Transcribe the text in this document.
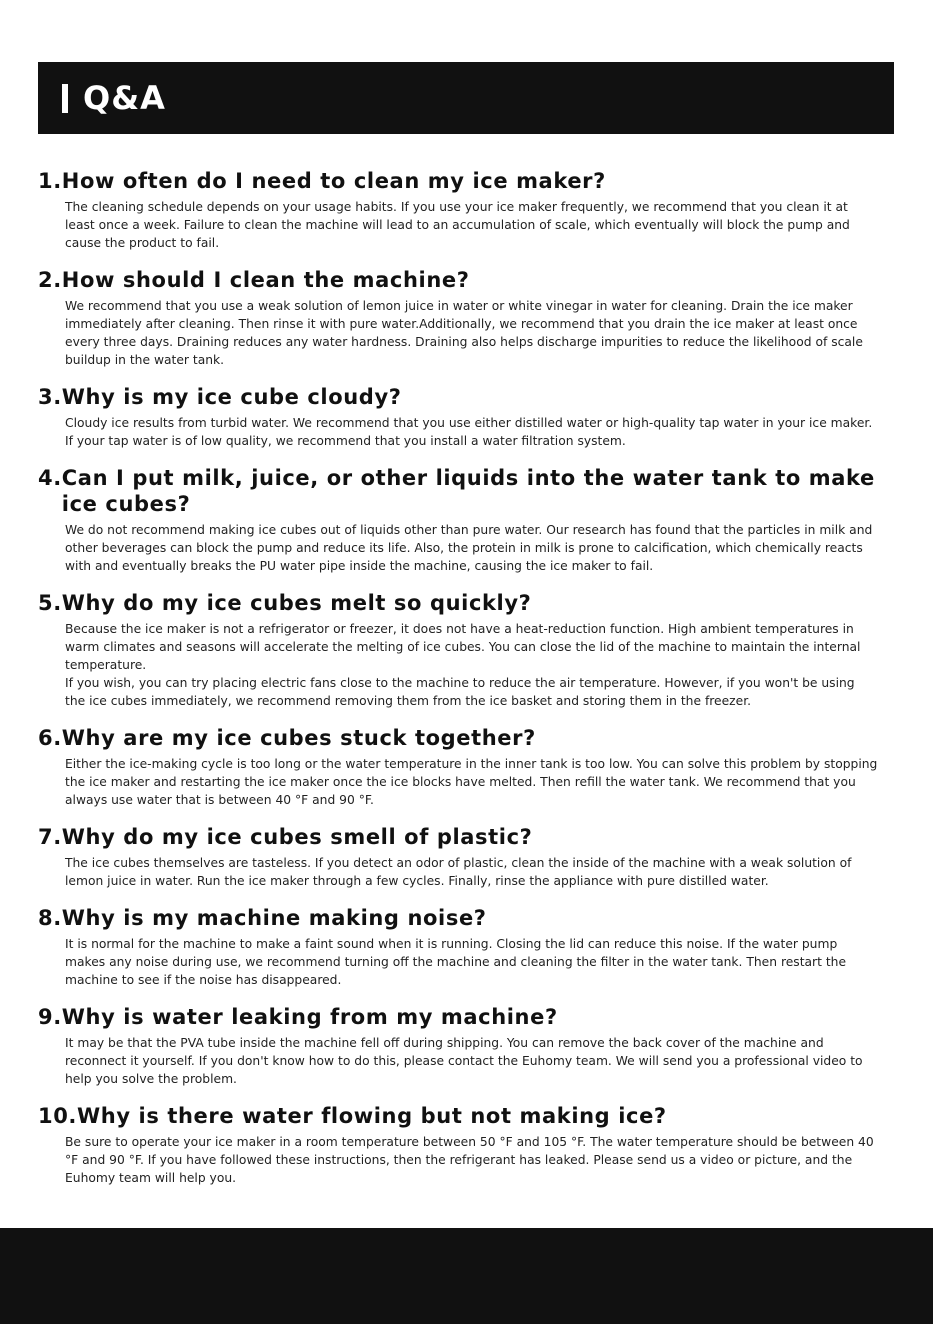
Q&A
1. How often do I need to clean my ice maker?

The cleaning schedule depends on your usage habits. If you use your ice maker frequently, we recommend that you clean it at least once a week. Failure to clean the machine will lead to an accumulation of scale, which eventually will block the pump and cause the product to fail.

2. How should I clean the machine?

We recommend that you use a weak solution of lemon juice in water or white vinegar in water for cleaning. Drain the ice maker immediately after cleaning. Then rinse it with pure water.Additionally, we recommend that you drain the ice maker at least once every three days. Draining reduces any water hardness. Draining also helps discharge impurities to reduce the likelihood of scale buildup in the water tank.

3. Why is my ice cube cloudy?

Cloudy ice results from turbid water. We recommend that you use either distilled water or high-quality tap water in your ice maker. If your tap water is of low quality, we recommend that you install a water filtration system.

4. Can I put milk, juice, or other liquids into the water tank to make ice cubes?

We do not recommend making ice cubes out of liquids other than pure water. Our research has found that the particles in milk and other beverages can block the pump and reduce its life. Also, the protein in milk is prone to calcification, which chemically reacts with and eventually breaks the PU water pipe inside the machine, causing the ice maker to fail.

5. Why do my ice cubes melt so quickly?

Because the ice maker is not a refrigerator or freezer, it does not have a heat-reduction function. High ambient temperatures in warm climates and seasons will accelerate the melting of ice cubes. You can close the lid of the machine to maintain the internal temperature.

If you wish, you can try placing electric fans close to the machine to reduce the air temperature. However, if you won't be using the ice cubes immediately, we recommend removing them from the ice basket and storing them in the freezer.

6. Why are my ice cubes stuck together?

Either the ice-making cycle is too long or the water temperature in the inner tank is too low. You can solve this problem by stopping the ice maker and restarting the ice maker once the ice blocks have melted. Then refill the water tank. We recommend that you always use water that is between 40 °F and 90 °F.

7. Why do my ice cubes smell of plastic?

The ice cubes themselves are tasteless. If you detect an odor of plastic, clean the inside of the machine with a weak solution of lemon juice in water. Run the ice maker through a few cycles. Finally, rinse the appliance with pure distilled water.

8. Why is my machine making noise?

It is normal for the machine to make a faint sound when it is running. Closing the lid can reduce this noise. If the water pump makes any noise during use, we recommend turning off the machine and cleaning the filter in the water tank. Then restart the machine to see if the noise has disappeared.

9. Why is water leaking from my machine?

It may be that the PVA tube inside the machine fell off during shipping. You can remove the back cover of the machine and reconnect it yourself. If you don't know how to do this, please contact the Euhomy team. We will send you a professional video to help you solve the problem.

10. Why is there water flowing but not making ice?

Be sure to operate your ice maker in a room temperature between 50 °F and 105 °F. The water temperature should be between 40 °F and 90 °F. If you have followed these instructions, then the refrigerant has leaked. Please send us a video or picture, and the Euhomy team will help you.
